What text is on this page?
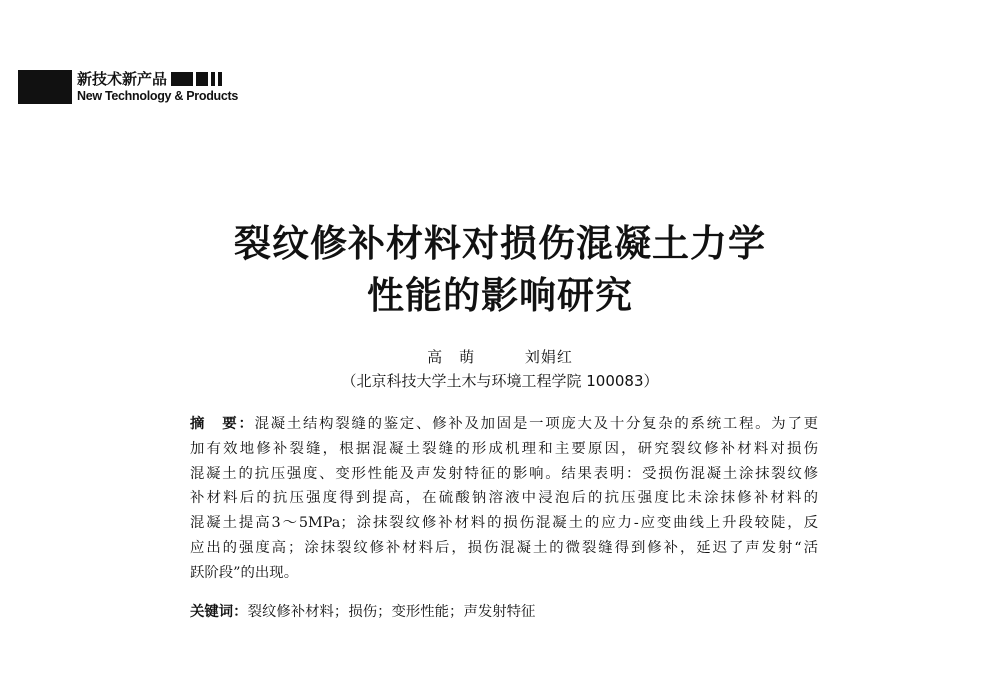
新技术新产品
New Technology & Products
裂纹修补材料对损伤混凝土力学
性能的影响研究
高　萌	刘娟红
（北京科技大学土木与环境工程学院 100083）
摘　要：混凝土结构裂缝的鉴定、修补及加固是一项庞大及十分复杂的系统工程。为了更
加有效地修补裂缝，根据混凝土裂缝的形成机理和主要原因，研究裂纹修补材料对损伤
混凝土的抗压强度、变形性能及声发射特征的影响。结果表明：受损伤混凝土涂抹裂纹修
补材料后的抗压强度得到提高，在硫酸钠溶液中浸泡后的抗压强度比未涂抹修补材料的
混凝土提高3～5MPa；涂抹裂纹修补材料的损伤混凝土的应力-应变曲线上升段较陡，反
应出的强度高；涂抹裂纹修补材料后，损伤混凝土的微裂缝得到修补，延迟了声发射“活
跃阶段”的出现。
关键词：裂纹修补材料；损伤；变形性能；声发射特征
